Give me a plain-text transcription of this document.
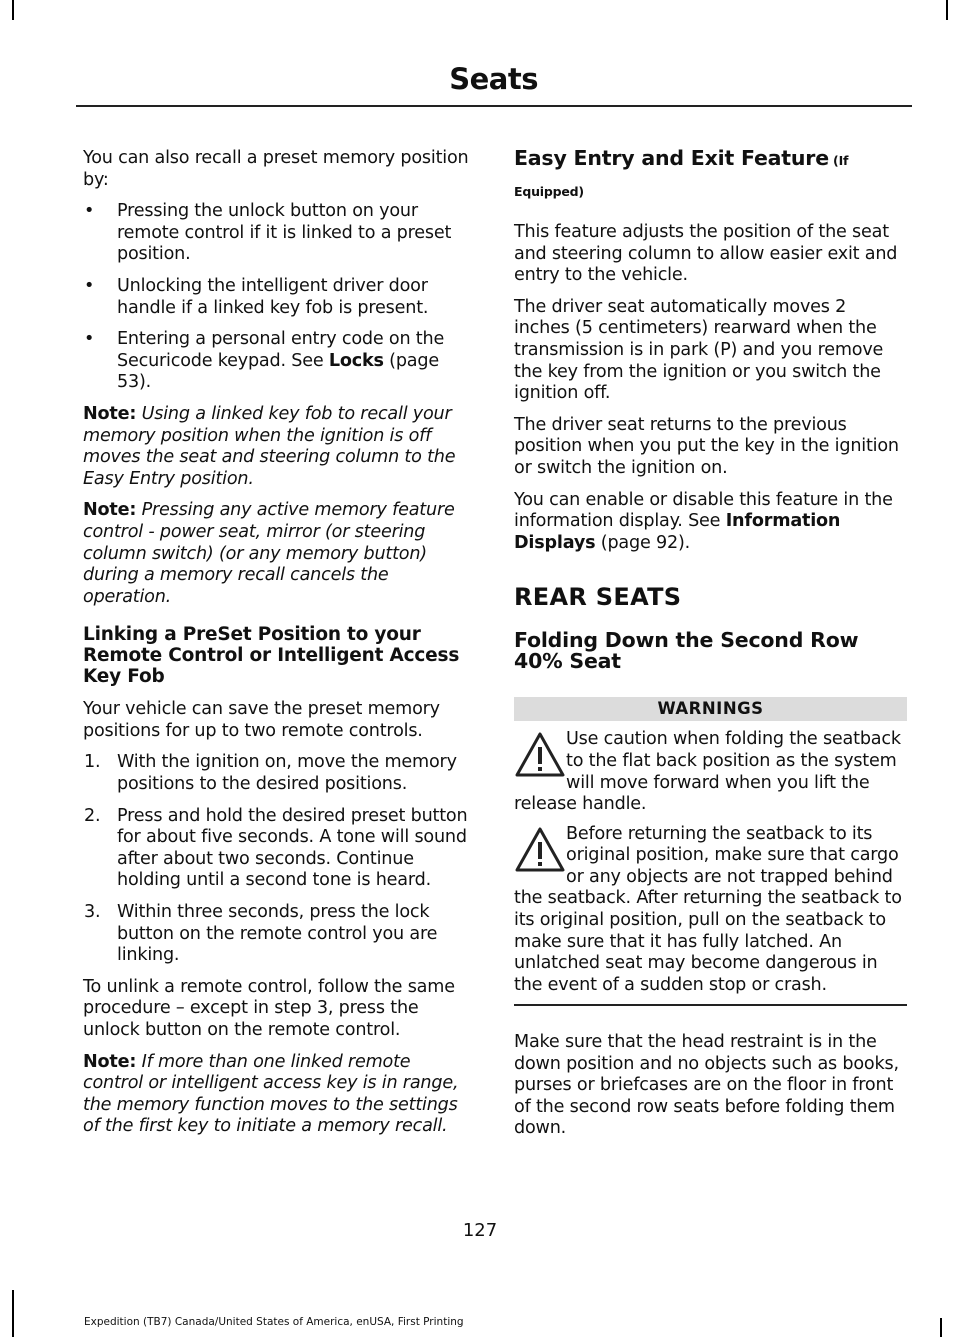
Seats

You can also recall a preset memory position by:

•	Pressing the unlock button on your remote control if it is linked to a preset position.
•	Unlocking the intelligent driver door handle if a linked key fob is present.
•	Entering a personal entry code on the Securicode keypad. See Locks (page 53).

Note: Using a linked key fob to recall your memory position when the ignition is off moves the seat and steering column to the Easy Entry position.

Note: Pressing any active memory feature control - power seat, mirror (or steering column switch) (or any memory button) during a memory recall cancels the operation.

Linking a PreSet Position to your Remote Control or Intelligent Access Key Fob

Your vehicle can save the preset memory positions for up to two remote controls.

1. With the ignition on, move the memory positions to the desired positions.
2. Press and hold the desired preset button for about five seconds. A tone will sound after about two seconds. Continue holding until a second tone is heard.
3. Within three seconds, press the lock button on the remote control you are linking.

To unlink a remote control, follow the same procedure – except in step 3, press the unlock button on the remote control.

Note: If more than one linked remote control or intelligent access key is in range, the memory function moves to the settings of the first key to initiate a memory recall.

Easy Entry and Exit Feature (If
Equipped)

This feature adjusts the position of the seat and steering column to allow easier exit and entry to the vehicle.

The driver seat automatically moves 2 inches (5 centimeters) rearward when the transmission is in park (P) and you remove the key from the ignition or you switch the ignition off.

The driver seat returns to the previous position when you put the key in the ignition or switch the ignition on.

You can enable or disable this feature in the information display. See Information Displays (page 92).

REAR SEATS
Folding Down the Second Row 40% Seat
WARNINGS
Use caution when folding the seatback to the flat back position as the system will move forward when you lift the release handle.
Before returning the seatback to its original position, make sure that cargo or any objects are not trapped behind the seatback. After returning the seatback to its original position, pull on the seatback to make sure that it has fully latched. An unlatched seat may become dangerous in the event of a sudden stop or crash.

Make sure that the head restraint is in the down position and no objects such as books, purses or briefcases are on the floor in front of the second row seats before folding them down.

127
Expedition (TB7) Canada/United States of America, enUSA, First Printing
